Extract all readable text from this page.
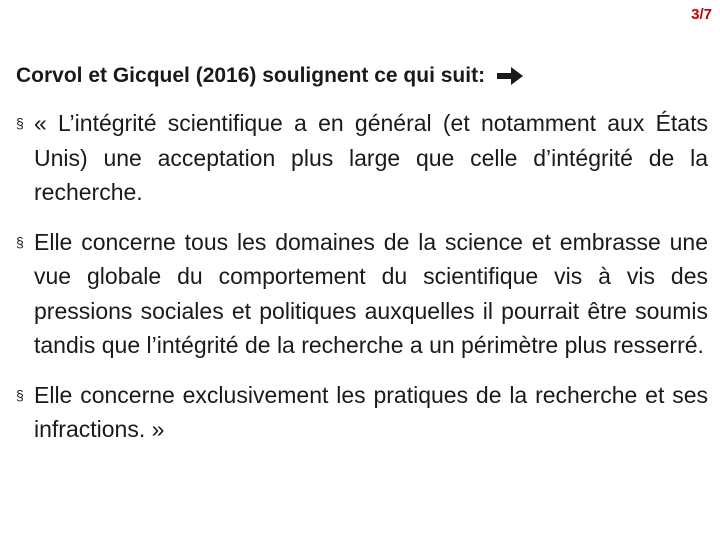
3/7
Corvol et Gicquel (2016) soulignent ce qui suit:
§ « L’intégrité scientifique a en général (et notamment aux États Unis) une acceptation plus large que celle d’intégrité de la recherche.
§ Elle concerne tous les domaines de la science et embrasse une vue globale du comportement du scientifique vis à vis des pressions sociales et politiques auxquelles il pourrait être soumis tandis que l’intégrité de la recherche a un périmètre plus resserré.
§ Elle concerne exclusivement les pratiques de la recherche et ses infractions. »
